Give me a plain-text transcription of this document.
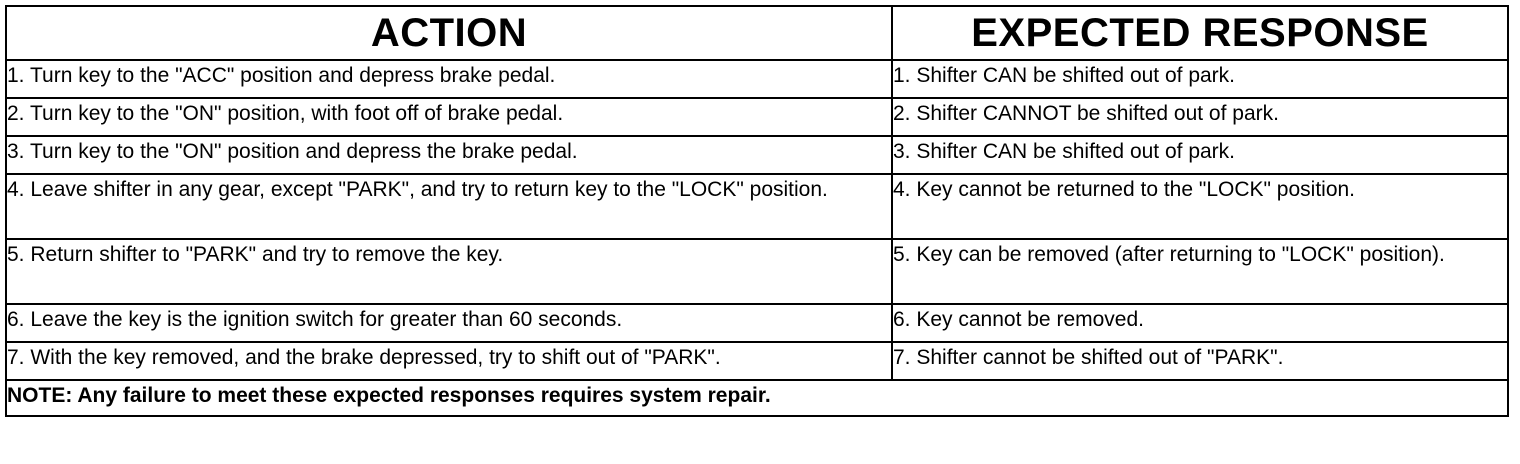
ACTION	EXPECTED RESPONSE
1. Turn key to the "ACC" position and depress brake pedal.	1. Shifter CAN be shifted out of park.
2. Turn key to the "ON" position, with foot off of brake pedal.	2. Shifter CANNOT be shifted out of park.
3. Turn key to the "ON" position and depress the brake pedal.	3. Shifter CAN be shifted out of park.
4. Leave shifter in any gear, except "PARK", and try to return key to the "LOCK" position.	4. Key cannot be returned to the "LOCK" position.
5. Return shifter to "PARK" and try to remove the key.	5. Key can be removed (after returning to "LOCK" position).
6. Leave the key is the ignition switch for greater than 60 seconds.	6. Key cannot be removed.
7. With the key removed, and the brake depressed, try to shift out of "PARK".	7. Shifter cannot be shifted out of "PARK".
NOTE: Any failure to meet these expected responses requires system repair.	
